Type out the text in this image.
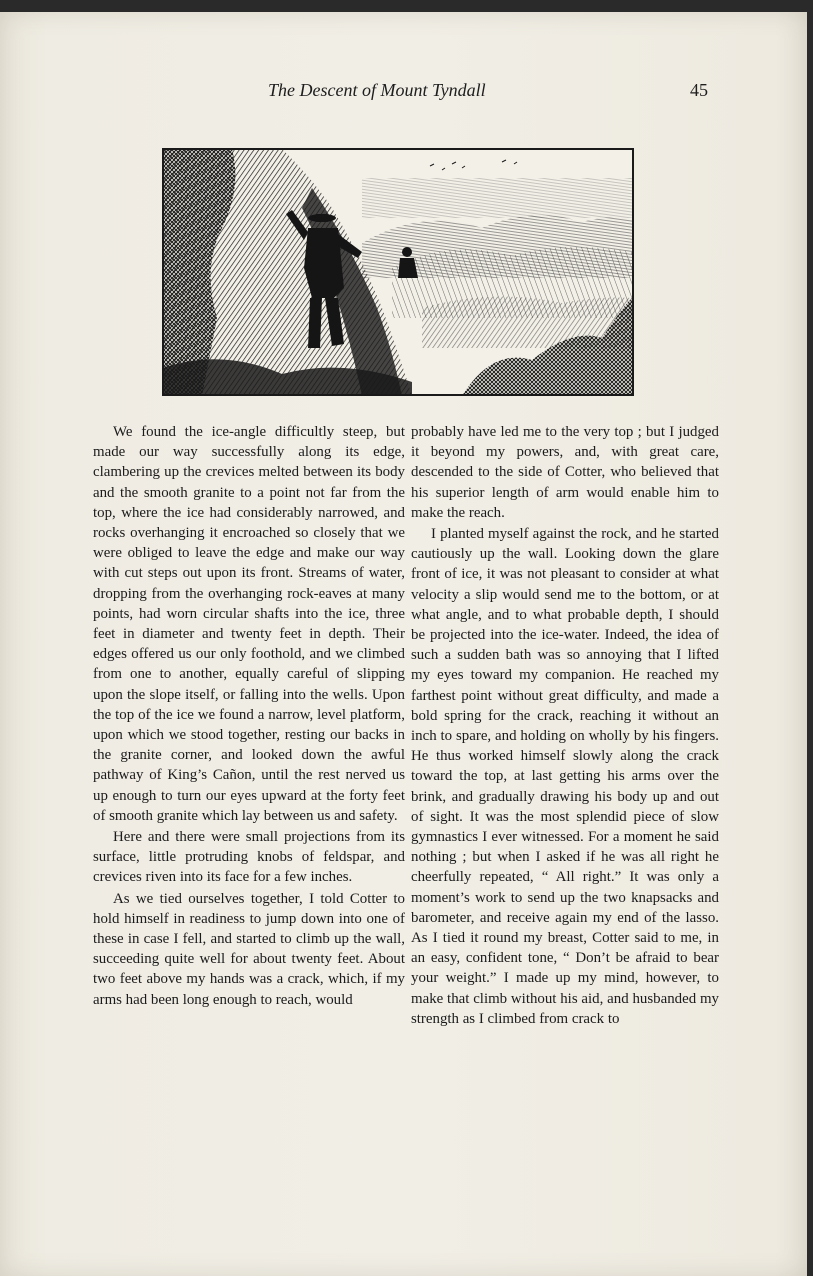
The Descent of Mount Tyndall	45

We found the ice-angle difficultly steep, but made our way successfully along its edge, clambering up the crevices melted between its body and the smooth granite to a point not far from the top, where the ice had considerably narrowed, and rocks overhanging it encroached so closely that we were obliged to leave the edge and make our way with cut steps out upon its front. Streams of water, dropping from the overhanging rock-eaves at many points, had worn circular shafts into the ice, three feet in diameter and twenty feet in depth. Their edges offered us our only foothold, and we climbed from one to another, equally careful of slipping upon the slope itself, or falling into the wells. Upon the top of the ice we found a narrow, level platform, upon which we stood together, resting our backs in the granite corner, and looked down the awful pathway of King’s Cañon, until the rest nerved us up enough to turn our eyes upward at the forty feet of smooth granite which lay between us and safety.

Here and there were small projections from its surface, little protruding knobs of feldspar, and crevices riven into its face for a few inches.

As we tied ourselves together, I told Cotter to hold himself in readiness to jump down into one of these in case I fell, and started to climb up the wall, succeeding quite well for about twenty feet. About two feet above my hands was a crack, which, if my arms had been long enough to reach, would

probably have led me to the very top ; but I judged it beyond my powers, and, with great care, descended to the side of Cotter, who believed that his superior length of arm would enable him to make the reach.

I planted myself against the rock, and he started cautiously up the wall. Looking down the glare front of ice, it was not pleasant to consider at what velocity a slip would send me to the bottom, or at what angle, and to what probable depth, I should be projected into the ice-water. Indeed, the idea of such a sudden bath was so annoying that I lifted my eyes toward my companion. He reached my farthest point without great difficulty, and made a bold spring for the crack, reaching it without an inch to spare, and holding on wholly by his fingers. He thus worked himself slowly along the crack toward the top, at last getting his arms over the brink, and gradually drawing his body up and out of sight. It was the most splendid piece of slow gymnastics I ever witnessed. For a moment he said nothing ; but when I asked if he was all right he cheerfully repeated, “ All right.” It was only a moment’s work to send up the two knapsacks and barometer, and receive again my end of the lasso. As I tied it round my breast, Cotter said to me, in an easy, confident tone, “ Don’t be afraid to bear your weight.” I made up my mind, however, to make that climb without his aid, and husbanded my strength as I climbed from crack to
